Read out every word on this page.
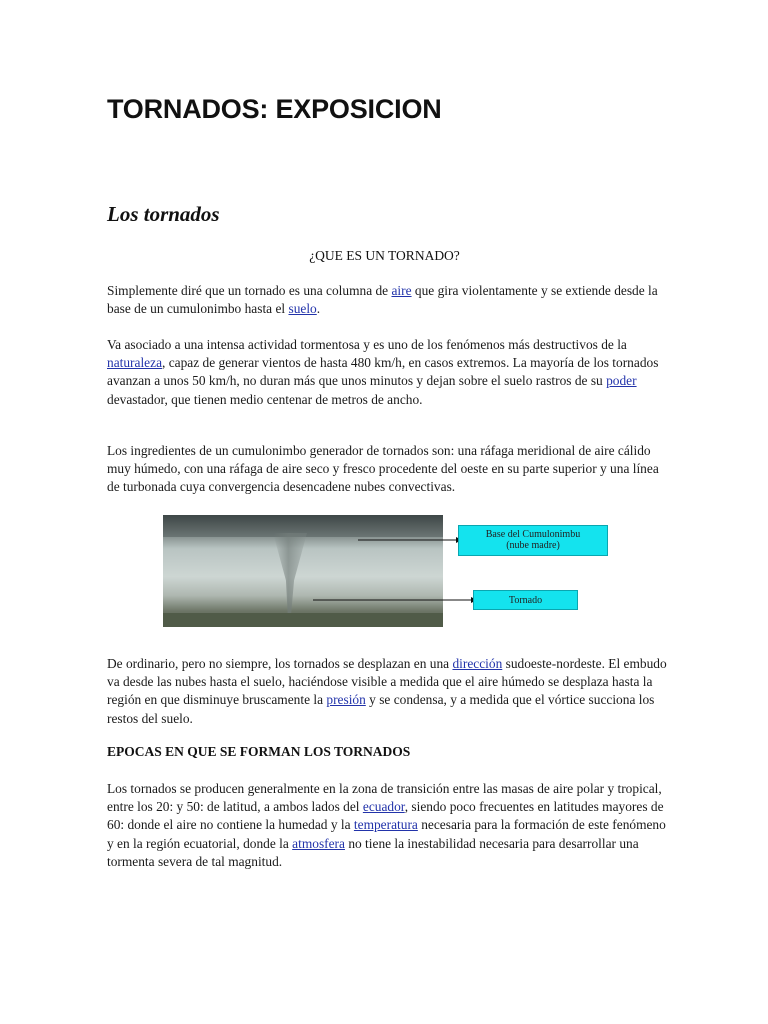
TORNADOS: EXPOSICION
Los tornados

¿QUE ES UN TORNADO?

Simplemente diré que un tornado es una columna de aire que gira violentamente y se extiende desde la base de un cumulonimbo hasta el suelo.

Va asociado a una intensa actividad tormentosa y es uno de los fenómenos más destructivos de la naturaleza, capaz de generar vientos de hasta 480 km/h, en casos extremos. La mayoría de los tornados avanzan a unos 50 km/h, no duran más que unos minutos y dejan sobre el suelo rastros de su poder devastador, que tienen medio centenar de metros de ancho.

Los ingredientes de un cumulonimbo generador de tornados son: una ráfaga meridional de aire cálido muy húmedo, con una ráfaga de aire seco y fresco procedente del oeste en su parte superior y una línea de turbonada cuya convergencia desencadene nubes convectivas.

Base del Cumulonimbu
(nube madre)
Tornado

De ordinario, pero no siempre, los tornados se desplazan en una dirección sudoeste-nordeste. El embudo va desde las nubes hasta el suelo, haciéndose visible a medida que el aire húmedo se desplaza hasta la región en que disminuye bruscamente la presión y se condensa, y a medida que el vórtice succiona los restos del suelo.

EPOCAS EN QUE SE FORMAN LOS TORNADOS

Los tornados se producen generalmente en la zona de transición entre las masas de aire polar y tropical, entre los 20: y 50: de latitud, a ambos lados del ecuador, siendo poco frecuentes en latitudes mayores de 60: donde el aire no contiene la humedad y la temperatura necesaria para la formación de este fenómeno y en la región ecuatorial, donde la atmosfera no tiene la inestabilidad necesaria para desarrollar una tormenta severa de tal magnitud.
